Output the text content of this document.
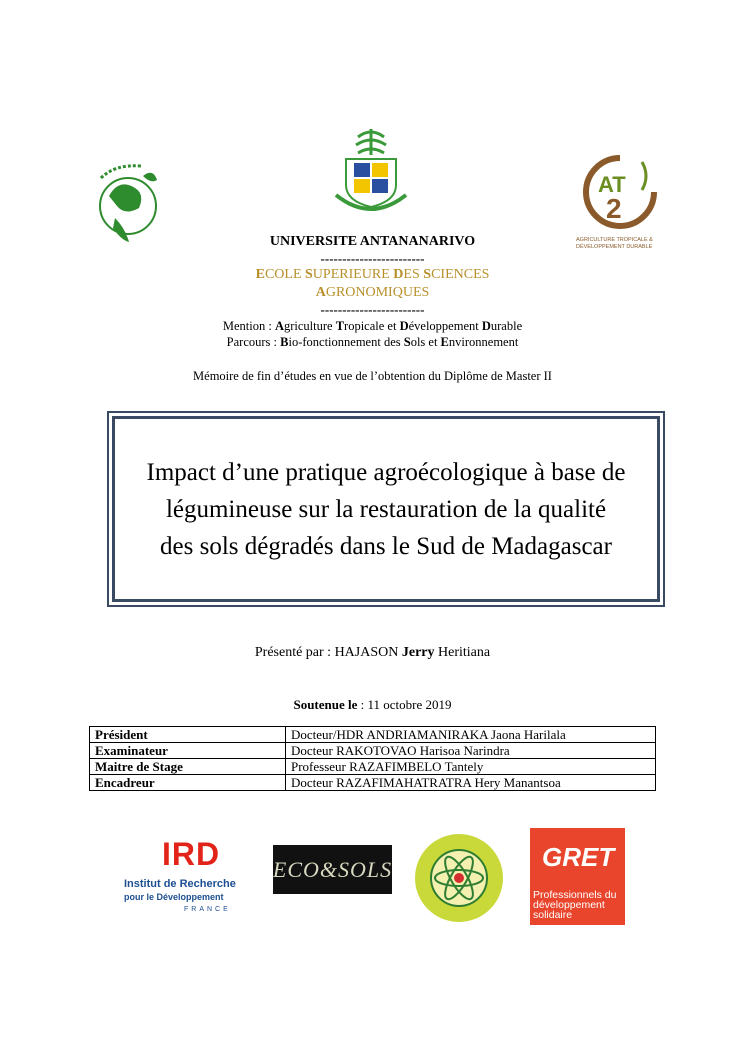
AT
2
AGRICULTURE TROPICALE &
DÉVELOPPEMENT DURABLE
UNIVERSITE ANTANANARIVO
------------------------
ECOLE SUPERIEURE DES SCIENCES
AGRONOMIQUES
------------------------
Mention : Agriculture Tropicale et Développement Durable
Parcours : Bio-fonctionnement des Sols et Environnement
Mémoire de fin d’études en vue de l’obtention du Diplôme de Master II
Impact d’une pratique agroécologique à base de
légumineuse sur la restauration de la qualité
des sols dégradés dans le Sud de Madagascar
Présenté par : HAJASON Jerry Heritiana
Soutenue le : 11 octobre 2019
Président	Docteur/HDR ANDRIAMANIRAKA Jaona Harilala
Examinateur	Docteur RAKOTOVAO Harisoa Narindra
Maitre de Stage	Professeur RAZAFIMBELO Tantely
Encadreur	Docteur RAZAFIMAHATRATRA Hery Manantsoa
IRD
Institut de Recherche
pour le Développement
FRANCE
ECO&SOLS	GRET
Professionnels du
développement
solidaire
